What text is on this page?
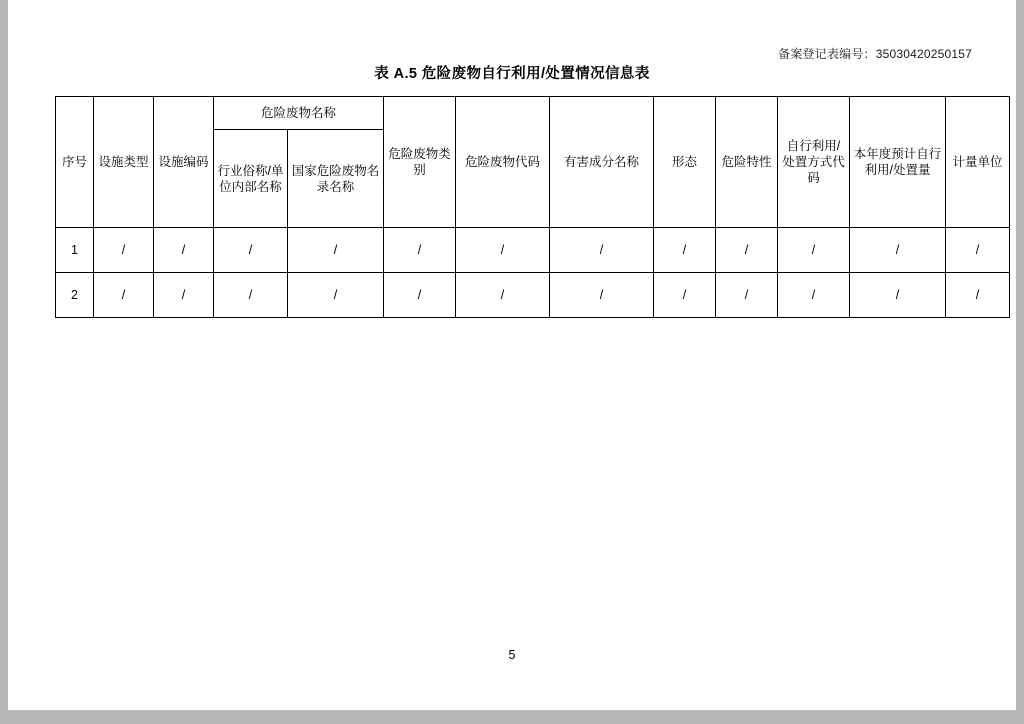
备案登记表编号：35030420250157
表 A.5 危险废物自行利用/处置情况信息表
序号	设施类型	设施编码	危险废物名称		危险废物类别	危险废物代码	有害成分名称	形态	危险特性	自行利用/处置方式代码	本年度预计自行利用/处置量	计量单位
			行业俗称/单位内部名称	国家危险废物名录名称								
1	/	/	/	/	/	/	/	/	/	/	/	/
2	/	/	/	/	/	/	/	/	/	/	/	/
5
